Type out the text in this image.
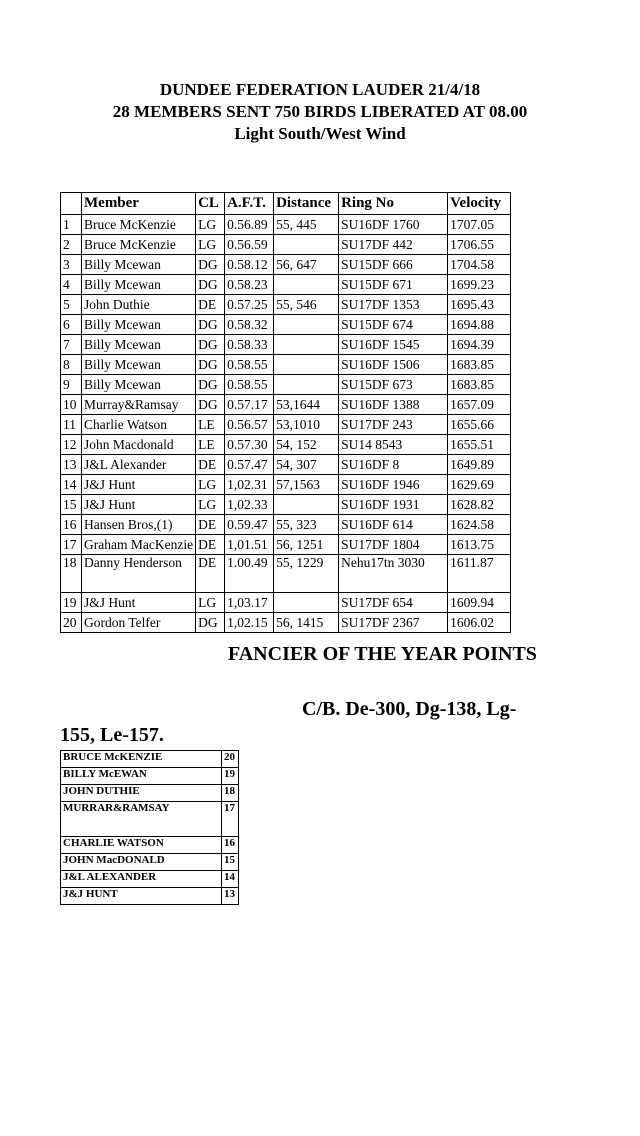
DUNDEE FEDERATION LAUDER 21/4/18
28 MEMBERS SENT 750 BIRDS LIBERATED AT 08.00
Light South/West Wind
	Member	CL	A.F.T.	Distance	Ring No	Velocity
1	Bruce McKenzie	LG	0.56.89	55, 445	SU16DF 1760	1707.05
2	Bruce McKenzie	LG	0.56.59		SU17DF 442	1706.55
3	Billy Mcewan	DG	0.58.12	56, 647	SU15DF 666	1704.58
4	Billy Mcewan	DG	0.58.23		SU15DF 671	1699.23
5	John Duthie	DE	0.57.25	55, 546	SU17DF 1353	1695.43
6	Billy Mcewan	DG	0.58.32		SU15DF 674	1694.88
7	Billy Mcewan	DG	0.58.33		SU16DF 1545	1694.39
8	Billy Mcewan	DG	0.58.55		SU16DF 1506	1683.85
9	Billy Mcewan	DG	0.58.55		SU15DF 673	1683.85
10	Murray&Ramsay	DG	0.57.17	53,1644	SU16DF 1388	1657.09
11	Charlie Watson	LE	0.56.57	53,1010	SU17DF 243	1655.66
12	John Macdonald	LE	0.57.30	54, 152	SU14 8543	1655.51
13	J&L Alexander	DE	0.57.47	54, 307	SU16DF 8	1649.89
14	J&J Hunt	LG	1,02.31	57,1563	SU16DF 1946	1629.69
15	J&J Hunt	LG	1,02.33		SU16DF 1931	1628.82
16	Hansen Bros,(1)	DE	0.59.47	55, 323	SU16DF 614	1624.58
17	Graham MacKenzie	DE	1,01.51	56, 1251	SU17DF 1804	1613.75
18	Danny Henderson	DE	1.00.49	55, 1229	Nehu17tn 3030	1611.87
19	J&J Hunt	LG	1,03.17		SU17DF 654	1609.94
20	Gordon Telfer	DG	1,02.15	56, 1415	SU17DF 2367	1606.02
FANCIER OF THE YEAR POINTS
C/B. De-300, Dg-138, Lg-
155, Le-157.
BRUCE McKENZIE	20
BILLY McEWAN	19
JOHN DUTHIE	18
MURRAR&RAMSAY	17
CHARLIE WATSON	16
JOHN MacDONALD	15
J&L ALEXANDER	14
J&J HUNT	13
